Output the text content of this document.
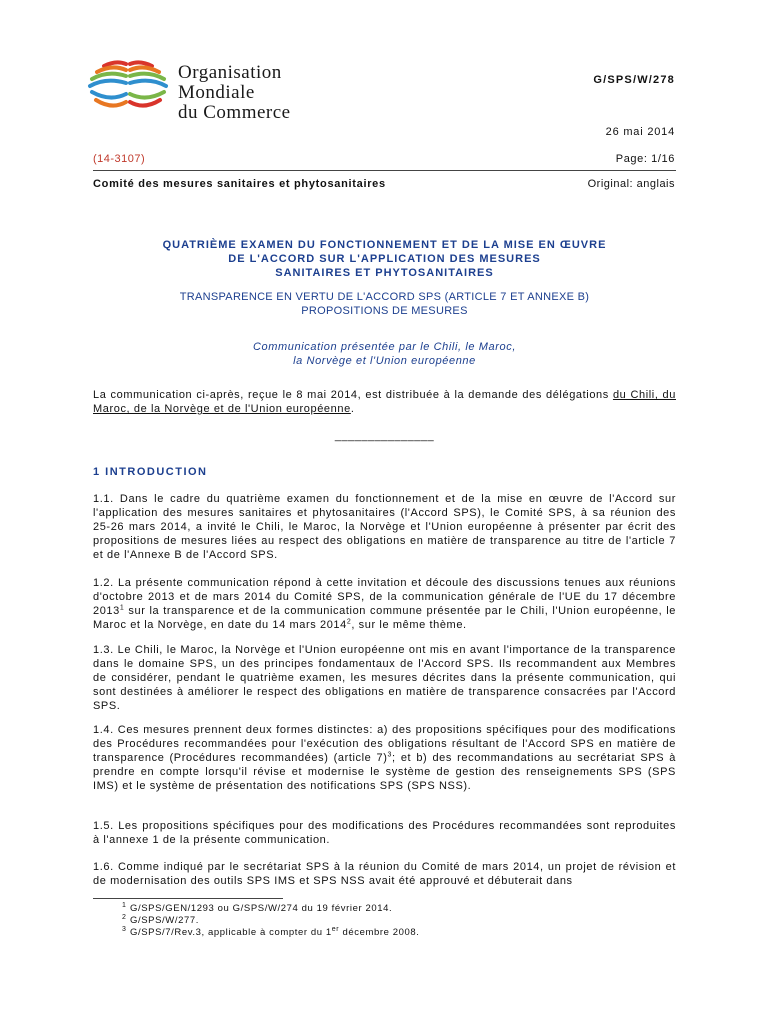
Organisation
Mondiale
du Commerce
G/SPS/W/278
26 mai 2014
(14-3107)	Page: 1/16
Comité des mesures sanitaires et phytosanitaires	Original: anglais
QUATRIÈME EXAMEN DU FONCTIONNEMENT ET DE LA MISE EN ŒUVRE
DE L'ACCORD SUR L'APPLICATION DES MESURES
SANITAIRES ET PHYTOSANITAIRES
TRANSPARENCE EN VERTU DE L'ACCORD SPS (ARTICLE 7 ET ANNEXE B)
PROPOSITIONS DE MESURES
Communication présentée par le Chili, le Maroc,
la Norvège et l'Union européenne
La communication ci-après, reçue le 8 mai 2014, est distribuée à la demande des délégations du Chili, du Maroc, de la Norvège et de l'Union européenne.
_______________
1 INTRODUCTION
1.1. Dans le cadre du quatrième examen du fonctionnement et de la mise en œuvre de l'Accord sur l'application des mesures sanitaires et phytosanitaires (l'Accord SPS), le Comité SPS, à sa réunion des 25-26 mars 2014, a invité le Chili, le Maroc, la Norvège et l'Union européenne à présenter par écrit des propositions de mesures liées au respect des obligations en matière de transparence au titre de l'article 7 et de l'Annexe B de l'Accord SPS.
1.2. La présente communication répond à cette invitation et découle des discussions tenues aux réunions d'octobre 2013 et de mars 2014 du Comité SPS, de la communication générale de l'UE du 17 décembre 2013$^1$ sur la transparence et de la communication commune présentée par le Chili, l'Union européenne, le Maroc et la Norvège, en date du 14 mars 2014$^2$, sur le même thème.
1.3. Le Chili, le Maroc, la Norvège et l'Union européenne ont mis en avant l'importance de la transparence dans le domaine SPS, un des principes fondamentaux de l'Accord SPS. Ils recommandent aux Membres de considérer, pendant le quatrième examen, les mesures décrites dans la présente communication, qui sont destinées à améliorer le respect des obligations en matière de transparence consacrées par l'Accord SPS.
1.4. Ces mesures prennent deux formes distinctes: a) des propositions spécifiques pour des modifications des Procédures recommandées pour l'exécution des obligations résultant de l'Accord SPS en matière de transparence (Procédures recommandées) (article 7)$^3$; et b) des recommandations au secrétariat SPS à prendre en compte lorsqu'il révise et modernise le système de gestion des renseignements SPS (SPS IMS) et le système de présentation des notifications SPS (SPS NSS).
1.5. Les propositions spécifiques pour des modifications des Procédures recommandées sont reproduites à l'annexe 1 de la présente communication.
1.6. Comme indiqué par le secrétariat SPS à la réunion du Comité de mars 2014, un projet de révision et de modernisation des outils SPS IMS et SPS NSS avait été approuvé et débuterait dans
1 G/SPS/GEN/1293 ou G/SPS/W/274 du 19 février 2014.
2 G/SPS/W/277.
3 G/SPS/7/Rev.3, applicable à compter du 1er décembre 2008.
